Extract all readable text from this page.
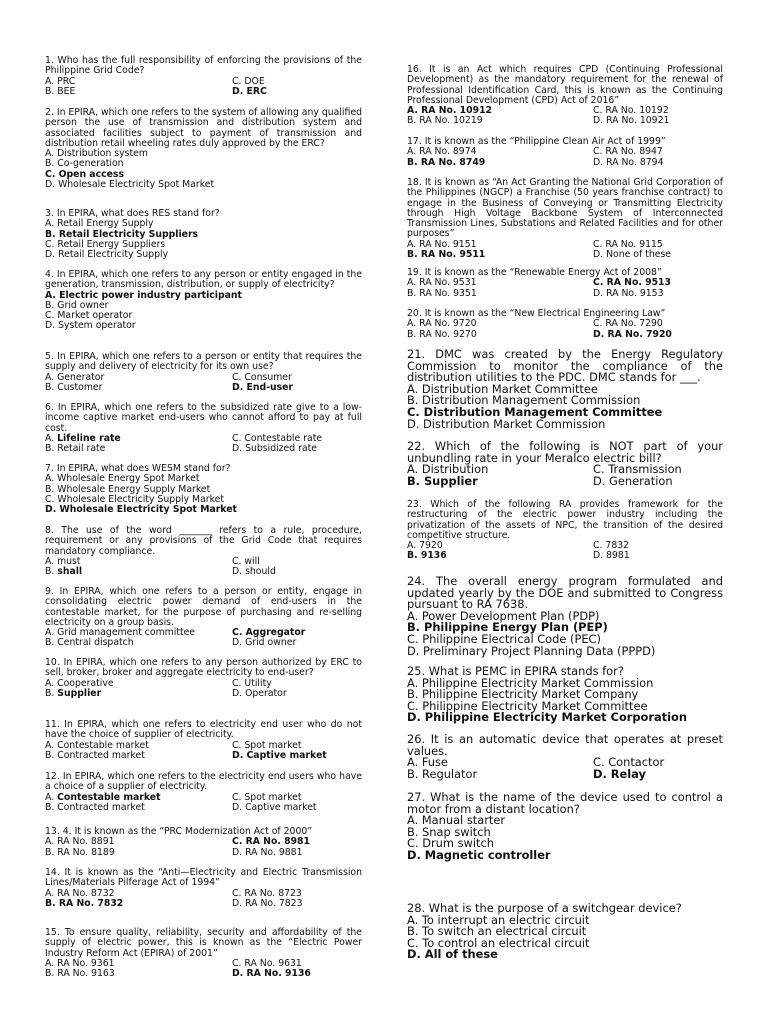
1. Who has the full responsibility of enforcing the provisions of the Philippine Grid Code?
A. PRC	C. DOE
B. BEE	D. ERC
2. In EPIRA, which one refers to the system of allowing any qualified person the use of transmission and distribution system and associated facilities subject to payment of transmission and distribution retail wheeling rates duly approved by the ERC?
A. Distribution system
B. Co-generation
C. Open access
D. Wholesale Electricity Spot Market
3. In EPIRA, what does RES stand for?
A. Retail Energy Supply
B. Retail Electricity Suppliers
C. Retail Energy Suppliers
D. Retail Electricity Supply
4. In EPIRA, which one refers to any person or entity engaged in the generation, transmission, distribution, or supply of electricity?
A. Electric power industry participant
B. Grid owner
C. Market operator
D. System operator
5. In EPIRA, which one refers to a person or entity that requires the supply and delivery of electricity for its own use?
A. Generator	C. Consumer
B. Customer	D. End-user
6. In EPIRA, which one refers to the subsidized rate give to a low-income captive market end-users who cannot afford to pay at full cost.
A. Lifeline rate	C. Contestable rate
B. Retail rate	D. Subsidized rate
7. In EPIRA, what does WESM stand for?
A. Wholesale Energy Spot Market
B. Wholesale Energy Supply Market
C. Wholesale Electricity Supply Market
D. Wholesale Electricity Spot Market
8. The use of the word _______ refers to a rule, procedure, requirement or any provisions of the Grid Code that requires mandatory compliance.
A. must	C. will
B. shall	D. should
9. In EPIRA, which one refers to a person or entity, engage in consolidating electric power demand of end-users in the contestable market, for the purpose of purchasing and re-selling electricity on a group basis.
A. Grid management committee	C. Aggregator
B. Central dispatch	D. Grid owner
10. In EPIRA, which one refers to any person authorized by ERC to sell, broker, broker and aggregate electricity to end-user?
A. Cooperative	C. Utility
B. Supplier	D. Operator
11. In EPIRA, which one refers to electricity end user who do not have the choice of supplier of electricity.
A. Contestable market	C. Spot market
B. Contracted market	D. Captive market
12. In EPIRA, which one refers to the electricity end users who have a choice of a supplier of electricity.
A. Contestable market	C. Spot market
B. Contracted market	D. Captive market
13. 4. It is known as the “PRC Modernization Act of 2000”
A. RA No. 8891	C. RA No. 8981
B. RA No. 8189	D. RA No. 9881
14. It is known as the “Anti—Electricity and Electric Transmission Lines/Materials Pilferage Act of 1994”
A. RA No. 8732	C. RA No. 8723
B. RA No. 7832	D. RA No. 7823
15. To ensure quality, reliability, security and affordability of the supply of electric power, this is known as the “Electric Power Industry Reform Act (EPIRA) of 2001”
A. RA No. 9361	C. RA No. 9631
B. RA No. 9163	D. RA No. 9136
16. It is an Act which requires CPD (Continuing Professional Development) as the mandatory requirement for the renewal of Professional Identification Card, this is known as the Continuing Professional Development (CPD) Act of 2016”
A. RA No. 10912	C. RA No. 10192
B. RA No. 10219	D. RA No. 10921
17. It is known as the “Philippine Clean Air Act of 1999”
A. RA No. 8974	C. RA No. 8947
B. RA No. 8749	D. RA No. 8794
18. It is known as “An Act Granting the National Grid Corporation of the Philippines (NGCP) a Franchise (50 years franchise contract) to engage in the Business of Conveying or Transmitting Electricity through High Voltage Backbone System of Interconnected Transmission Lines, Substations and Related Facilities and for other purposes”
A. RA No. 9151	C. RA No. 9115
B. RA No. 9511	D. None of these
19. It is known as the “Renewable Energy Act of 2008”
A. RA No. 9531	C. RA No. 9513
B. RA No. 9351	D. RA No. 9153
20. It is known as the “New Electrical Engineering Law”
A. RA No. 9720	C. RA No. 7290
B. RA No. 9270	D. RA No. 7920
21. DMC was created by the Energy Regulatory Commission to monitor the compliance of the distribution utilities to the PDC. DMC stands for ___.
A. Distribution Market Committee
B. Distribution Management Commission
C. Distribution Management Committee
D. Distribution Market Commission
22. Which of the following is NOT part of your unbundling rate in your Meralco electric bill?
A. Distribution	C. Transmission
B. Supplier	D. Generation
23. Which of the following RA provides framework for the restructuring of the electric power industry including the privatization of the assets of NPC, the transition of the desired competitive structure.
A. 7920	C. 7832
B. 9136	D. 8981
24. The overall energy program formulated and updated yearly by the DOE and submitted to Congress pursuant to RA 7638.
A. Power Development Plan (PDP)
B. Philippine Energy Plan (PEP)
C. Philippine Electrical Code (PEC)
D. Preliminary Project Planning Data (PPPD)
25. What is PEMC in EPIRA stands for?
A. Philippine Electricity Market Commission
B. Philippine Electricity Market Company
C. Philippine Electricity Market Committee
D. Philippine Electricity Market Corporation
26. It is an automatic device that operates at preset values.
A. Fuse	C. Contactor
B. Regulator	D. Relay
27. What is the name of the device used to control a motor from a distant location?
A. Manual starter
B. Snap switch
C. Drum switch
D. Magnetic controller
28. What is the purpose of a switchgear device?
A. To interrupt an electric circuit
B. To switch an electrical circuit
C. To control an electrical circuit
D. All of these
